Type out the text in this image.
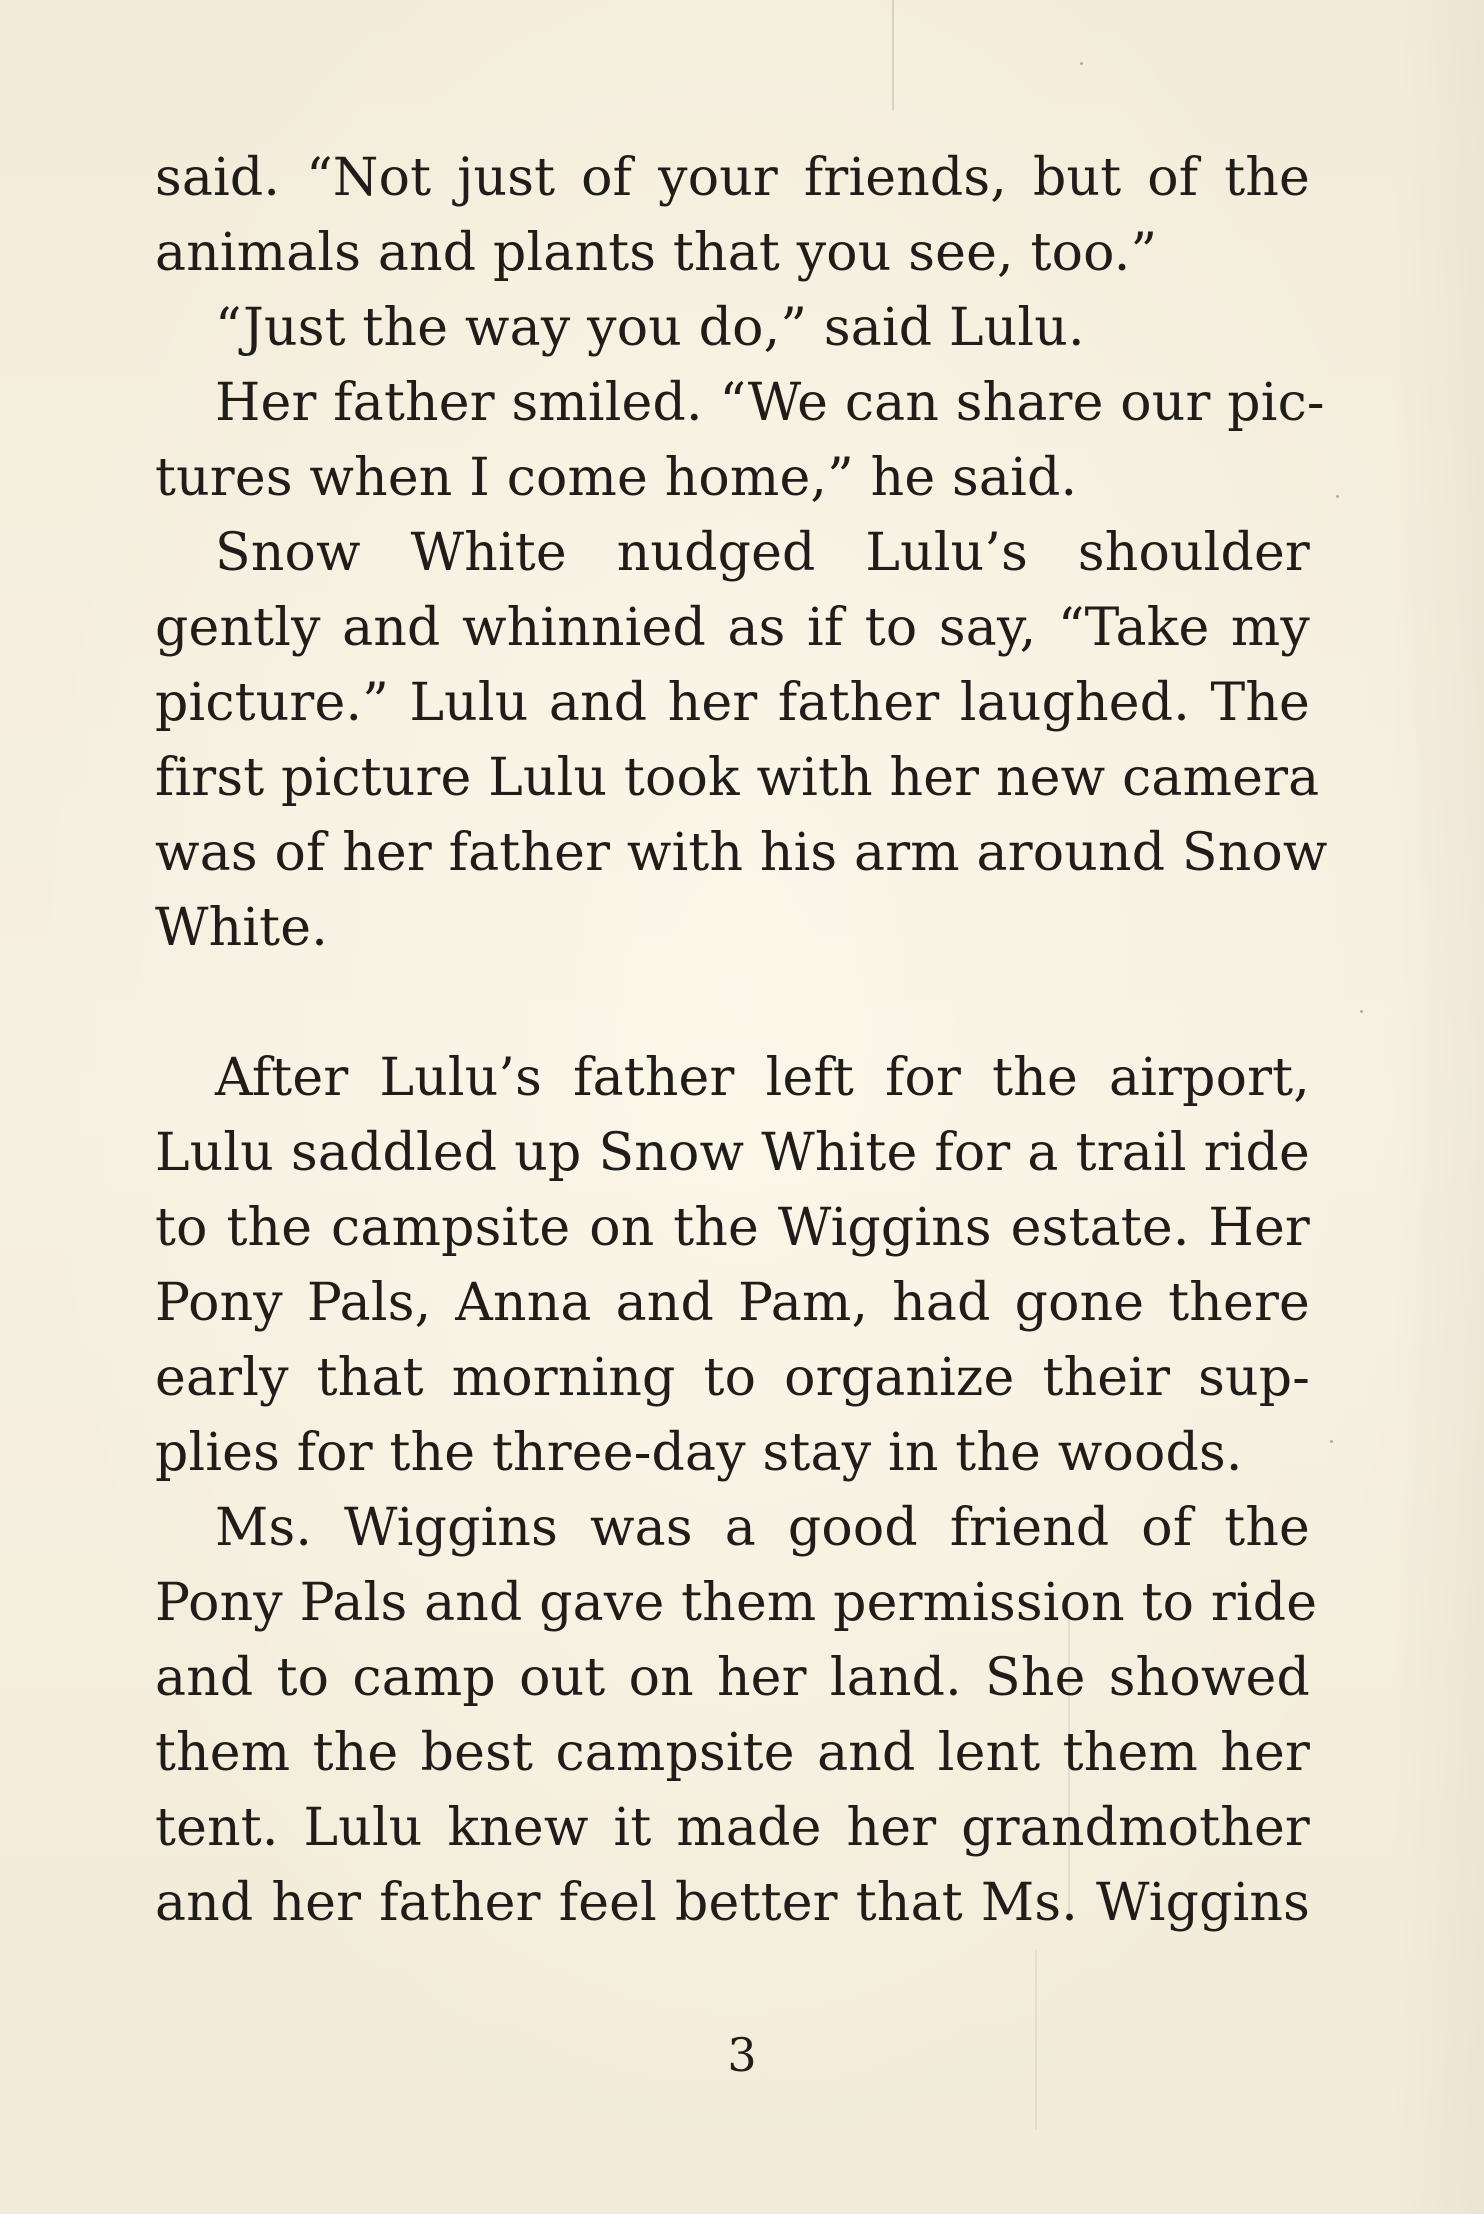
said. “Not just of your friends, but of the
animals and plants that you see, too.”
“Just the way you do,” said Lulu.
Her father smiled. “We can share our pic-
tures when I come home,” he said.
Snow White nudged Lulu’s shoulder
gently and whinnied as if to say, “Take my
picture.” Lulu and her father laughed. The
first picture Lulu took with her new camera
was of her father with his arm around Snow
White.
After Lulu’s father left for the airport,
Lulu saddled up Snow White for a trail ride
to the campsite on the Wiggins estate. Her
Pony Pals, Anna and Pam, had gone there
early that morning to organize their sup-
plies for the three-day stay in the woods.
Ms. Wiggins was a good friend of the
Pony Pals and gave them permission to ride
and to camp out on her land. She showed
them the best campsite and lent them her
tent. Lulu knew it made her grandmother
and her father feel better that Ms. Wiggins
3
